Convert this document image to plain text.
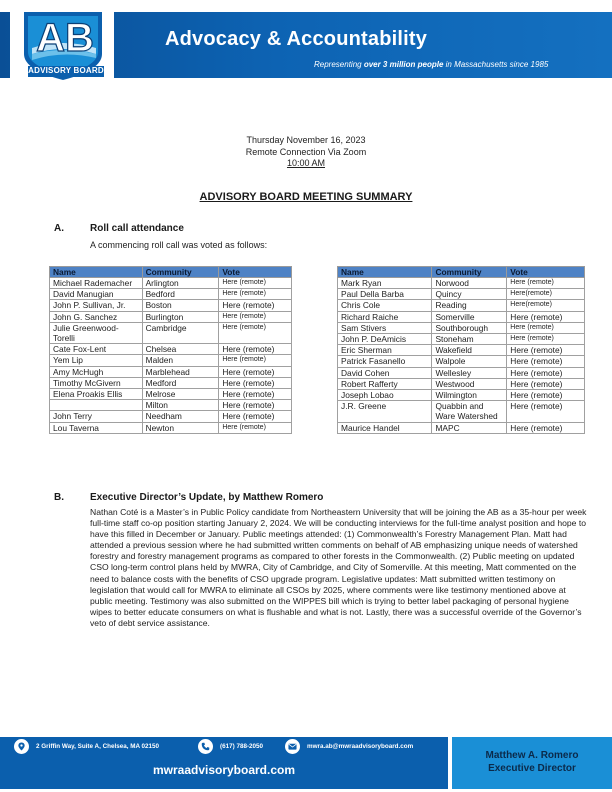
AB
ADVISORY BOARD
Advocacy & Accountability
Representing over 3 million people in Massachusetts since 1985
Thursday November 16, 2023
Remote Connection Via Zoom
10:00 AM
ADVISORY BOARD MEETING SUMMARY
A.	Roll call attendance
A commencing roll call was voted as follows:
Name	Community	Vote
Michael Rademacher	Arlington	Here (remote)
David Manugian	Bedford	Here (remote)
John P. Sullivan, Jr.	Boston	Here (remote)
John G. Sanchez	Burlington	Here (remote)
Julie Greenwood-Torelli	Cambridge	Here (remote)
Cate Fox-Lent	Chelsea	Here (remote)
Yem Lip	Malden	Here (remote)
Amy McHugh	Marblehead	Here (remote)
Timothy McGivern	Medford	Here (remote)
Elena Proakis Ellis	Melrose	Here (remote)
	Milton	Here (remote)
John Terry	Needham	Here (remote)
Lou Taverna	Newton	Here (remote)
Name	Community	Vote
Mark Ryan	Norwood	Here (remote)
Paul Della Barba	Quincy	Here(remote)
Chris Cole	Reading	Here(remote)
Richard Raiche	Somerville	Here (remote)
Sam Stivers	Southborough	Here (remote)
John P. DeAmicis	Stoneham	Here (remote)
Eric Sherman	Wakefield	Here (remote)
Patrick Fasanello	Walpole	Here (remote)
David Cohen	Wellesley	Here (remote)
Robert Rafferty	Westwood	Here (remote)
Joseph Lobao	Wilmington	Here (remote)
J.R. Greene	Quabbin and Ware Watershed	Here (remote)
Maurice Handel	MAPC	Here (remote)
B.	Executive Director’s Update, by Matthew Romero
Nathan Coté is a Master’s in Public Policy candidate from Northeastern University that will be joining the AB as a 35-hour per week full-time staff co-op position starting January 2, 2024. We will be conducting interviews for the full-time analyst position and hope to have this filled in December or January. Public meetings attended: (1) Commonwealth’s Forestry Management Plan. Matt had attended a previous session where he had submitted written comments on behalf of AB emphasizing unique needs of watershed forestry and forestry management programs as compared to other forests in the Commonwealth. (2) Public meeting on updated CSO long-term control plans held by MWRA, City of Cambridge, and City of Somerville. At this meeting, Matt commented on the need to balance costs with the benefits of CSO upgrade program. Legislative updates: Matt submitted written testimony on legislation that would call for MWRA to eliminate all CSOs by 2025, where comments were like testimony mentioned above at public meeting. Testimony was also submitted on the WIPPES bill which is trying to better label packaging of personal hygiene wipes to better educate consumers on what is flushable and what is not. Lastly, there was a successful override of the Governor’s veto of debt service assistance.
2 Griffin Way, Suite A, Chelsea, MA 02150	(617) 788-2050	mwra.ab@mwraadvisoryboard.com
mwraadvisoryboard.com
Matthew A. Romero
Executive Director
